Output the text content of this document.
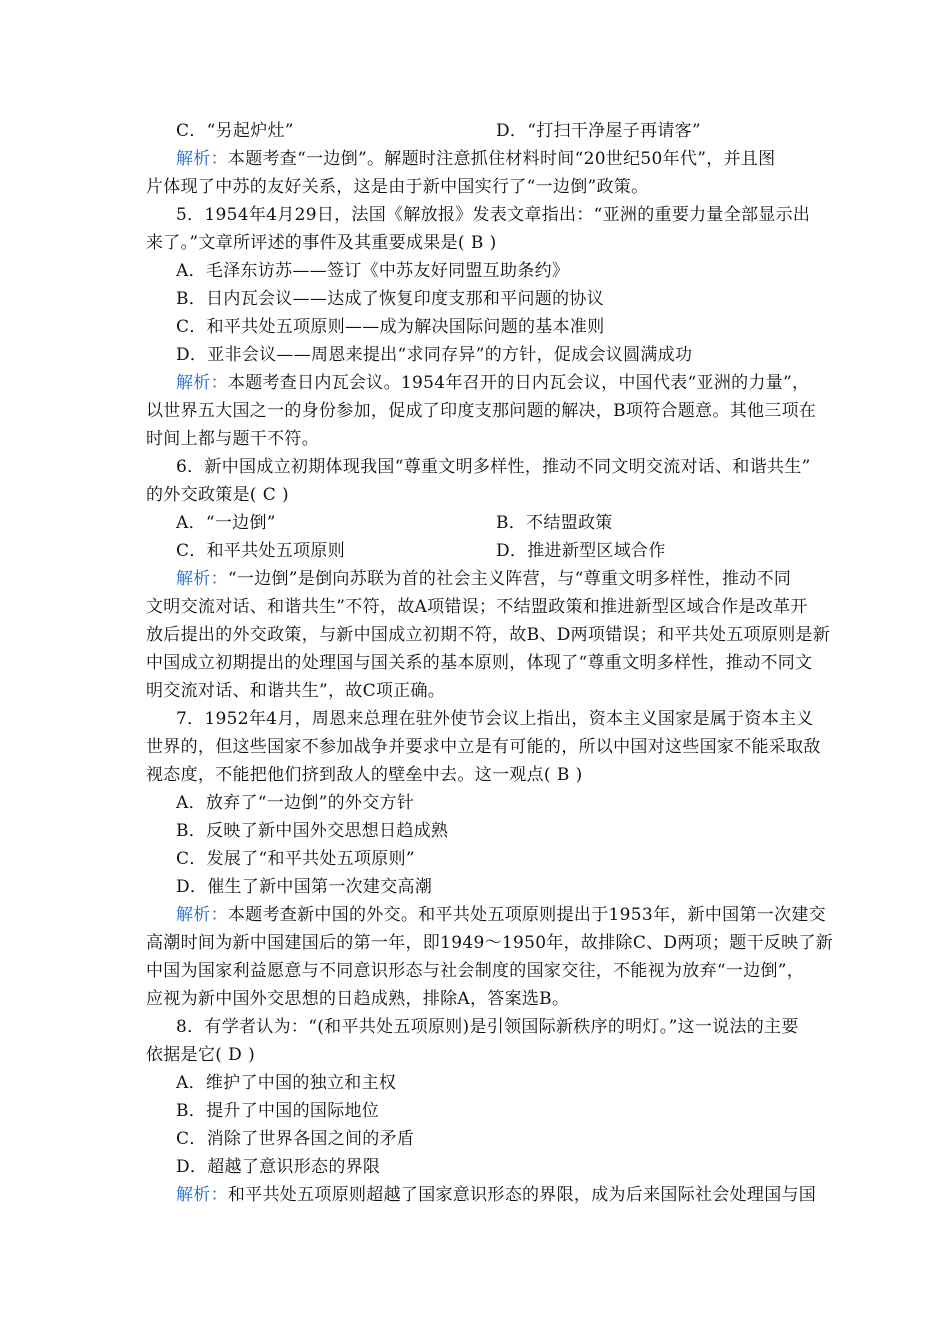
C．“另起炉灶”	D．“打扫干净屋子再请客”
解析：本题考查“一边倒”。解题时注意抓住材料时间“20世纪50年代”，并且图
片体现了中苏的友好关系，这是由于新中国实行了“一边倒”政策。
5．1954年4月29日，法国《解放报》发表文章指出：“亚洲的重要力量全部显示出
来了。”文章所评述的事件及其重要成果是( B )
A．毛泽东访苏——签订《中苏友好同盟互助条约》
B．日内瓦会议——达成了恢复印度支那和平问题的协议
C．和平共处五项原则——成为解决国际问题的基本准则
D．亚非会议——周恩来提出“求同存异”的方针，促成会议圆满成功
解析：本题考查日内瓦会议。1954年召开的日内瓦会议，中国代表“亚洲的力量”，
以世界五大国之一的身份参加，促成了印度支那问题的解决，B项符合题意。其他三项在
时间上都与题干不符。
6．新中国成立初期体现我国“尊重文明多样性，推动不同文明交流对话、和谐共生”
的外交政策是( C )
A．“一边倒”	B．不结盟政策
C．和平共处五项原则	D．推进新型区域合作
解析：“一边倒”是倒向苏联为首的社会主义阵营，与“尊重文明多样性，推动不同
文明交流对话、和谐共生”不符，故A项错误；不结盟政策和推进新型区域合作是改革开
放后提出的外交政策，与新中国成立初期不符，故B、D两项错误；和平共处五项原则是新
中国成立初期提出的处理国与国关系的基本原则，体现了“尊重文明多样性，推动不同文
明交流对话、和谐共生”，故C项正确。
7．1952年4月，周恩来总理在驻外使节会议上指出，资本主义国家是属于资本主义
世界的，但这些国家不参加战争并要求中立是有可能的，所以中国对这些国家不能采取敌
视态度，不能把他们挤到敌人的壁垒中去。这一观点( B )
A．放弃了“一边倒”的外交方针
B．反映了新中国外交思想日趋成熟
C．发展了“和平共处五项原则”
D．催生了新中国第一次建交高潮
解析：本题考查新中国的外交。和平共处五项原则提出于1953年，新中国第一次建交
高潮时间为新中国建国后的第一年，即1949～1950年，故排除C、D两项；题干反映了新
中国为国家利益愿意与不同意识形态与社会制度的国家交往，不能视为放弃“一边倒”，
应视为新中国外交思想的日趋成熟，排除A，答案选B。
8．有学者认为：“(和平共处五项原则)是引领国际新秩序的明灯。”这一说法的主要
依据是它( D )
A．维护了中国的独立和主权
B．提升了中国的国际地位
C．消除了世界各国之间的矛盾
D．超越了意识形态的界限
解析：和平共处五项原则超越了国家意识形态的界限，成为后来国际社会处理国与国
